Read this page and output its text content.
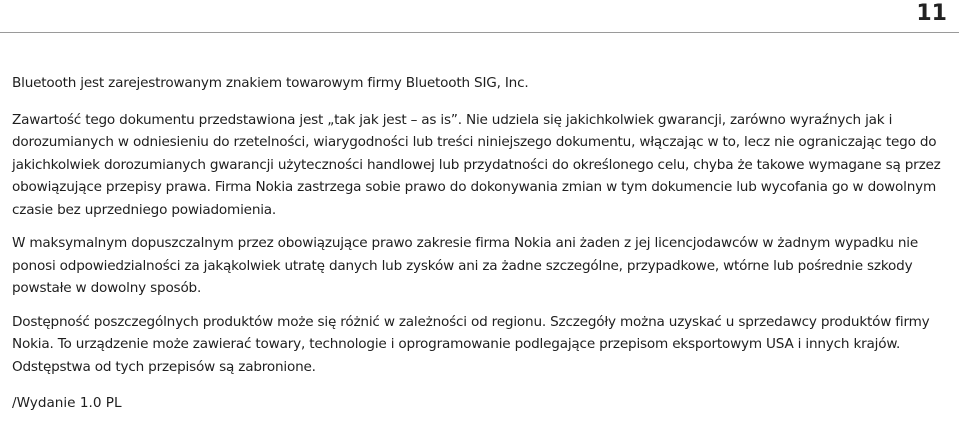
11

Bluetooth jest zarejestrowanym znakiem towarowym firmy Bluetooth SIG, Inc.

Zawartość tego dokumentu przedstawiona jest „tak jak jest – as is”. Nie udziela się jakichkolwiek gwarancji, zarówno wyraźnych jak i dorozumianych w odniesieniu do rzetelności, wiarygodności lub treści niniejszego dokumentu, włączając w to, lecz nie ograniczając tego do jakichkolwiek dorozumianych gwarancji użyteczności handlowej lub przydatności do określonego celu, chyba że takowe wymagane są przez obowiązujące przepisy prawa. Firma Nokia zastrzega sobie prawo do dokonywania zmian w tym dokumencie lub wycofania go w dowolnym czasie bez uprzedniego powiadomienia.

W maksymalnym dopuszczalnym przez obowiązujące prawo zakresie firma Nokia ani żaden z jej licencjodawców w żadnym wypadku nie ponosi odpowiedzialności za jakąkolwiek utratę danych lub zysków ani za żadne szczególne, przypadkowe, wtórne lub pośrednie szkody powstałe w dowolny sposób.

Dostępność poszczególnych produktów może się różnić w zależności od regionu. Szczegóły można uzyskać u sprzedawcy produktów firmy Nokia. To urządzenie może zawierać towary, technologie i oprogramowanie podlegające przepisom eksportowym USA i innych krajów. Odstępstwa od tych przepisów są zabronione.

/Wydanie 1.0 PL
